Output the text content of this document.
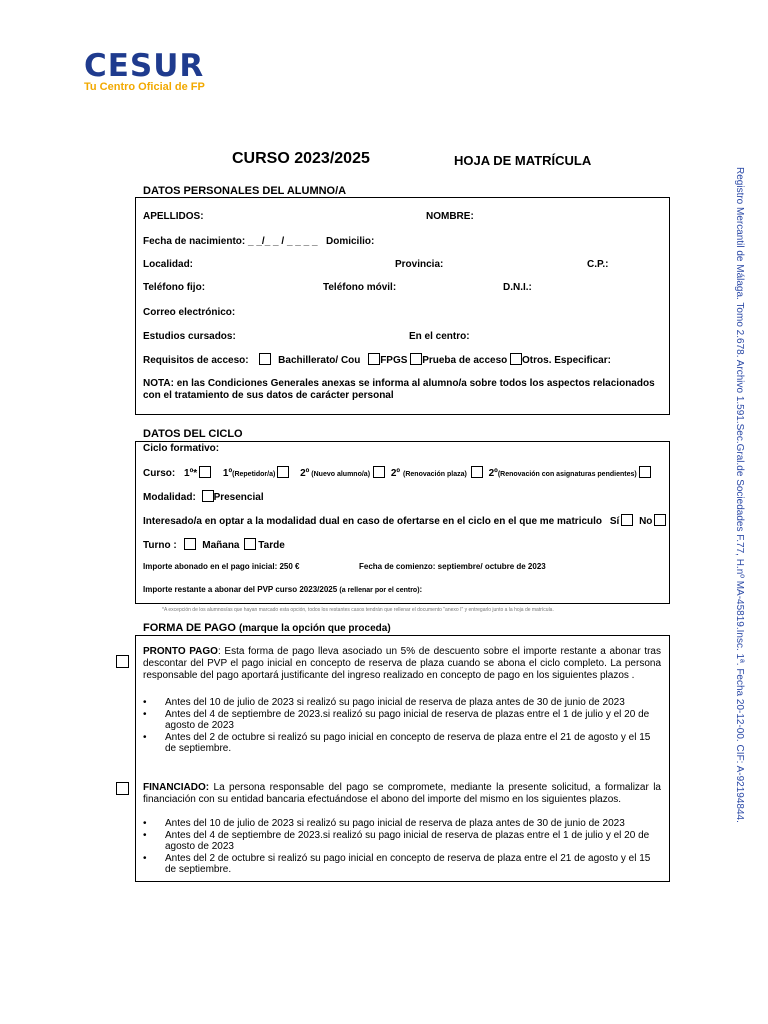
CESUR
Tu Centro Oficial de FP
CURSO 2023/2025	HOJA DE MATRÍCULA
DATOS PERSONALES DEL ALUMNO/A
APELLIDOS:	NOMBRE:
Fecha de nacimiento: _ _/_ _ / _ _ _ _ Domicilio:
Localidad:	Provincia:	C.P.:
Teléfono fijo:	Teléfono móvil:	D.N.I.:
Correo electrónico:
Estudios cursados:	En el centro:
Requisitos de acceso:	Bachillerato/ Cou FPGS Prueba de acceso Otros. Especificar:
NOTA: en las Condiciones Generales anexas se informa al alumno/a sobre todos los aspectos relacionados con el tratamiento de sus datos de carácter personal
DATOS DEL CICLO
Ciclo formativo:
Curso: 1º*	1º(Repetidor/a) 2º (Nuevo alumno/a) 2º (Renovación plaza) 2º(Renovación con asignaturas pendientes)
Modalidad: Presencial
Interesado/a en optar a la modalidad dual en caso de ofertarse en el ciclo en el que me matriculo Sí No
Turno :	Mañana Tarde
Importe abonado en el pago inicial: 250 €	Fecha de comienzo: septiembre/ octubre de 2023
Importe restante a abonar del PVP curso 2023/2025 (a rellenar por el centro):
*A excepción de los alumnos/as que hayan marcado esta opción, todos los restantes casos tendrán que rellenar el documento "anexo I" y entregarlo junto a la hoja de matrícula.
FORMA DE PAGO (marque la opción que proceda)
PRONTO PAGO: Esta forma de pago lleva asociado un 5% de descuento sobre el importe restante a abonar tras descontar del PVP el pago inicial en concepto de reserva de plaza cuando se abona el ciclo completo. La persona responsable del pago aportará justificante del ingreso realizado en concepto de pago en los siguientes plazos .
• Antes del 10 de julio de 2023 si realizó su pago inicial de reserva de plaza antes de 30 de junio de 2023
• Antes del 4 de septiembre de 2023.si realizó su pago inicial de reserva de plazas entre el 1 de julio y el 20 de agosto de 2023
• Antes del 2 de octubre si realizó su pago inicial en concepto de reserva de plaza entre el 21 de agosto y el 15 de septiembre.
FINANCIADO: La persona responsable del pago se compromete, mediante la presente solicitud, a formalizar la financiación con su entidad bancaria efectuándose el abono del importe del mismo en los siguientes plazos.
• Antes del 10 de julio de 2023 si realizó su pago inicial de reserva de plaza antes de 30 de junio de 2023
• Antes del 4 de septiembre de 2023.si realizó su pago inicial de reserva de plazas entre el 1 de julio y el 20 de agosto de 2023
• Antes del 2 de octubre si realizó su pago inicial en concepto de reserva de plaza entre el 21 de agosto y el 15 de septiembre.
Registro Mercantil de Málaga. Tomo 2.678. Archivo 1.591.Sec.Gral.de Sociedades F.77, H.nº MA-45819.Insc. 1ª. Fecha 20-12-00. CIF: A-92194844.
